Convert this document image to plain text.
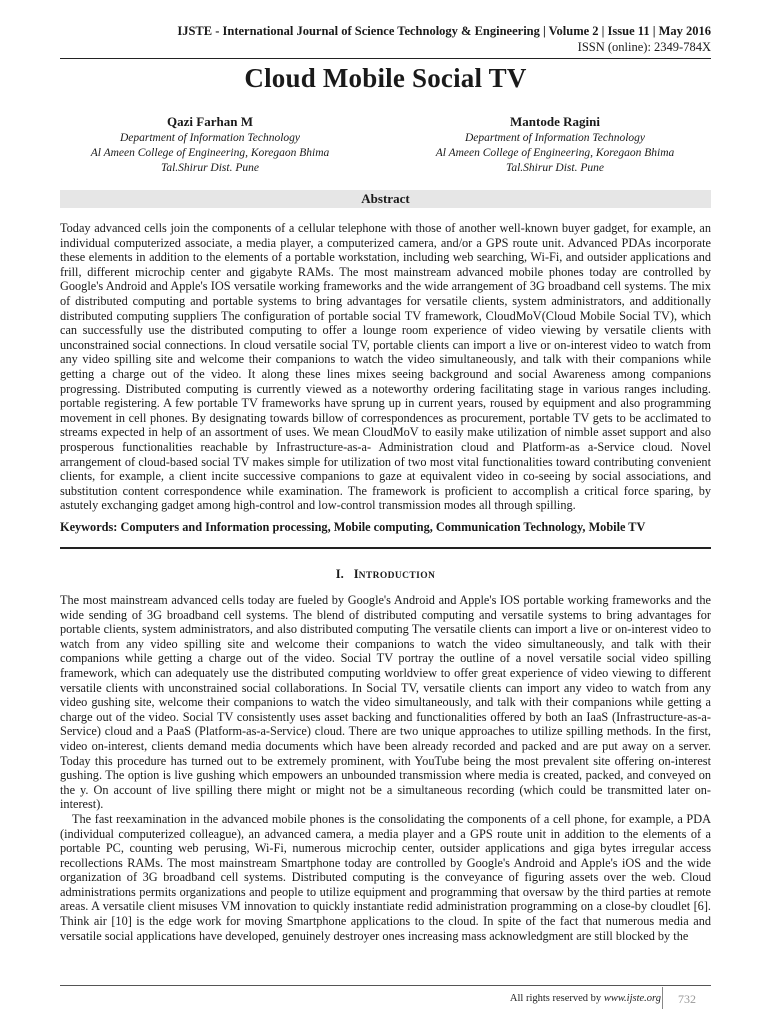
IJSTE - International Journal of Science Technology & Engineering | Volume 2 | Issue 11 | May 2016
ISSN (online): 2349-784X
Cloud Mobile Social TV
Qazi Farhan M
Department of Information Technology
Al Ameen College of Engineering, Koregaon Bhima
Tal.Shirur Dist. Pune
Mantode Ragini
Department of Information Technology
Al Ameen College of Engineering, Koregaon Bhima
Tal.Shirur Dist. Pune
Abstract
Today advanced cells join the components of a cellular telephone with those of another well-known buyer gadget, for example, an individual computerized associate, a media player, a computerized camera, and/or a GPS route unit. Advanced PDAs incorporate these elements in addition to the elements of a portable workstation, including web searching, Wi-Fi, and outsider applications and frill, different microchip center and gigabyte RAMs. The most mainstream advanced mobile phones today are controlled by Google's Android and Apple's IOS versatile working frameworks and the wide arrangement of 3G broadband cell systems. The mix of distributed computing and portable systems to bring advantages for versatile clients, system administrators, and additionally distributed computing suppliers The configuration of portable social TV framework, CloudMoV(Cloud Mobile Social TV), which can successfully use the distributed computing to offer a lounge room experience of video viewing by versatile clients with unconstrained social connections. In cloud versatile social TV, portable clients can import a live or on-interest video to watch from any video spilling site and welcome their companions to watch the video simultaneously, and talk with their companions while getting a charge out of the video. It along these lines mixes seeing background and social Awareness among companions progressing. Distributed computing is currently viewed as a noteworthy ordering facilitating stage in various ranges including. portable registering. A few portable TV frameworks have sprung up in current years, roused by equipment and also programming movement in cell phones. By designating towards billow of correspondences as procurement, portable TV gets to be acclimated to streams expected in help of an assortment of uses. We mean CloudMoV to easily make utilization of nimble asset support and also prosperous functionalities reachable by Infrastructure-as-a- Administration cloud and Platform-as a-Service cloud. Novel arrangement of cloud-based social TV makes simple for utilization of two most vital functionalities toward contributing convenient clients, for example, a client incite successive companions to gaze at equivalent video in co-seeing by social associations, and substitution content correspondence while examination. The framework is proficient to accomplish a critical force sparing, by astutely exchanging gadget among high-control and low-control transmission modes all through spilling.
Keywords: Computers and Information processing, Mobile computing, Communication Technology, Mobile TV
I. INTRODUCTION

The most mainstream advanced cells today are fueled by Google's Android and Apple's IOS portable working frameworks and the wide sending of 3G broadband cell systems. The blend of distributed computing and versatile systems to bring advantages for portable clients, system administrators, and also distributed computing The versatile clients can import a live or on-interest video to watch from any video spilling site and welcome their companions to watch the video simultaneously, and talk with their companions while getting a charge out of the video. Social TV portray the outline of a novel versatile social video spilling framework, which can adequately use the distributed computing worldview to offer great experience of video viewing to different versatile clients with unconstrained social collaborations. In Social TV, versatile clients can import any video to watch from any video gushing site, welcome their companions to watch the video simultaneously, and talk with their companions while getting a charge out of the video. Social TV consistently uses asset backing and functionalities offered by both an IaaS (Infrastructure-as-a-Service) cloud and a PaaS (Platform-as-a-Service) cloud. There are two unique approaches to utilize spilling methods. In the first, video on-interest, clients demand media documents which have been already recorded and packed and are put away on a server. Today this procedure has turned out to be extremely prominent, with YouTube being the most prevalent site offering on-interest gushing. The option is live gushing which empowers an unbounded transmission where media is created, packed, and conveyed on the y. On account of live spilling there might or might not be a simultaneous recording (which could be transmitted later on-interest).

The fast reexamination in the advanced mobile phones is the consolidating the components of a cell phone, for example, a PDA (individual computerized colleague), an advanced camera, a media player and a GPS route unit in addition to the elements of a portable PC, counting web perusing, Wi-Fi, numerous microchip center, outsider applications and giga bytes irregular access recollections RAMs. The most mainstream Smartphone today are controlled by Google's Android and Apple's iOS and the wide organization of 3G broadband cell systems. Distributed computing is the conveyance of figuring assets over the web. Cloud administrations permits organizations and people to utilize equipment and programming that oversaw by the third parties at remote areas. A versatile client misuses VM innovation to quickly instantiate redid administration programming on a close-by cloudlet [6]. Think air [10] is the edge work for moving Smartphone applications to the cloud. In spite of the fact that numerous media and versatile social applications have developed, genuinely destroyer ones increasing mass acknowledgment are still blocked by the

All rights reserved by www.ijste.org	732
